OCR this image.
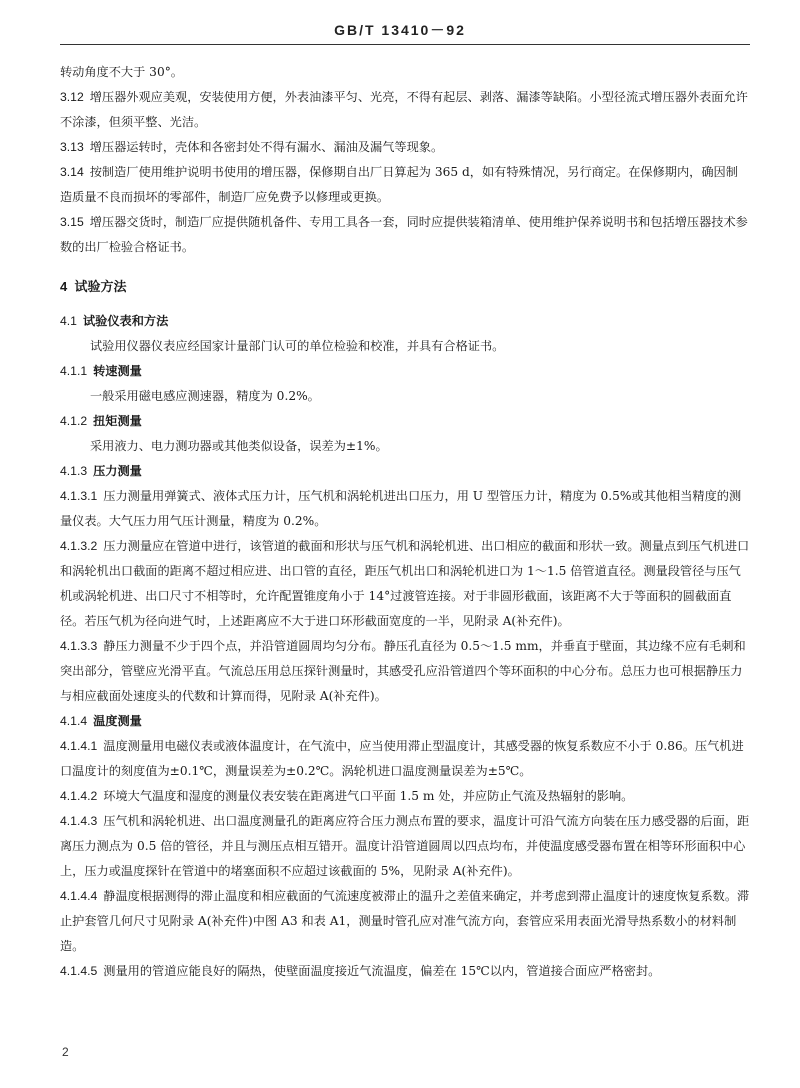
GB/T 13410－92

转动角度不大于 30°。

3.12 增压器外观应美观，安装使用方便，外表油漆平匀、光亮，不得有起层、剥落、漏漆等缺陷。小型径流式增压器外表面允许不涂漆，但须平整、光洁。

3.13 增压器运转时，壳体和各密封处不得有漏水、漏油及漏气等现象。

3.14 按制造厂使用维护说明书使用的增压器，保修期自出厂日算起为 365 d，如有特殊情况，另行商定。在保修期内，确因制造质量不良而损坏的零部件，制造厂应免费予以修理或更换。

3.15 增压器交货时，制造厂应提供随机备件、专用工具各一套，同时应提供装箱清单、使用维护保养说明书和包括增压器技术参数的出厂检验合格证书。

4 试验方法

4.1 试验仪表和方法

试验用仪器仪表应经国家计量部门认可的单位检验和校准，并具有合格证书。

4.1.1 转速测量

一般采用磁电感应测速器，精度为 0.2%。

4.1.2 扭矩测量

采用液力、电力测功器或其他类似设备，误差为±1%。

4.1.3 压力测量

4.1.3.1 压力测量用弹簧式、液体式压力计，压气机和涡轮机进出口压力，用 U 型管压力计，精度为 0.5%或其他相当精度的测量仪表。大气压力用气压计测量，精度为 0.2%。

4.1.3.2 压力测量应在管道中进行，该管道的截面和形状与压气机和涡轮机进、出口相应的截面和形状一致。测量点到压气机进口和涡轮机出口截面的距离不超过相应进、出口管的直径，距压气机出口和涡轮机进口为 1～1.5 倍管道直径。测量段管径与压气机或涡轮机进、出口尺寸不相等时，允许配置锥度角小于 14°过渡管连接。对于非圆形截面，该距离不大于等面积的圆截面直径。若压气机为径向进气时，上述距离应不大于进口环形截面宽度的一半，见附录 A(补充件)。

4.1.3.3 静压力测量不少于四个点，并沿管道圆周均匀分布。静压孔直径为 0.5～1.5 mm，并垂直于壁面，其边缘不应有毛刺和突出部分，管壁应光滑平直。气流总压用总压探针测量时，其感受孔应沿管道四个等环面积的中心分布。总压力也可根据静压力与相应截面处速度头的代数和计算而得，见附录 A(补充件)。

4.1.4 温度测量

4.1.4.1 温度测量用电磁仪表或液体温度计，在气流中，应当使用滞止型温度计，其感受器的恢复系数应不小于 0.86。压气机进口温度计的刻度值为±0.1℃，测量误差为±0.2℃。涡轮机进口温度测量误差为±5℃。

4.1.4.2 环境大气温度和湿度的测量仪表安装在距离进气口平面 1.5 m 处，并应防止气流及热辐射的影响。

4.1.4.3 压气机和涡轮机进、出口温度测量孔的距离应符合压力测点布置的要求，温度计可沿气流方向装在压力感受器的后面，距离压力测点为 0.5 倍的管径，并且与测压点相互错开。温度计沿管道圆周以四点均布，并使温度感受器布置在相等环形面积中心上，压力或温度探针在管道中的堵塞面积不应超过该截面的 5%，见附录 A(补充件)。

4.1.4.4 静温度根据测得的滞止温度和相应截面的气流速度被滞止的温升之差值来确定，并考虑到滞止温度计的速度恢复系数。滞止护套管几何尺寸见附录 A(补充件)中图 A3 和表 A1，测量时管孔应对准气流方向，套管应采用表面光滑导热系数小的材料制造。

4.1.4.5 测量用的管道应能良好的隔热，使壁面温度接近气流温度，偏差在 15℃以内，管道接合面应严格密封。

2
